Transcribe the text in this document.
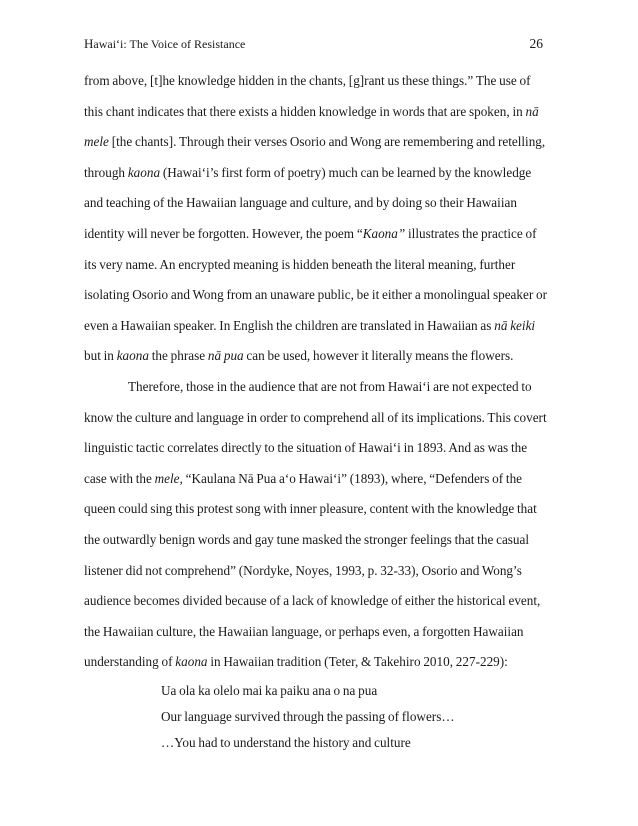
Hawai‘i: The Voice of Resistance	26
from above, [t]he knowledge hidden in the chants, [g]rant us these things.” The use of
this chant indicates that there exists a hidden knowledge in words that are spoken, in nā
mele [the chants]. Through their verses Osorio and Wong are remembering and retelling,
through kaona (Hawai‘i’s first form of poetry) much can be learned by the knowledge
and teaching of the Hawaiian language and culture, and by doing so their Hawaiian
identity will never be forgotten. However, the poem “Kaona” illustrates the practice of
its very name. An encrypted meaning is hidden beneath the literal meaning, further
isolating Osorio and Wong from an unaware public, be it either a monolingual speaker or
even a Hawaiian speaker. In English the children are translated in Hawaiian as nā keiki
but in kaona the phrase nā pua can be used, however it literally means the flowers.
Therefore, those in the audience that are not from Hawai‘i are not expected to
know the culture and language in order to comprehend all of its implications. This covert
linguistic tactic correlates directly to the situation of Hawai‘i in 1893. And as was the
case with the mele, “Kaulana Nā Pua a‘o Hawai‘i” (1893), where, “Defenders of the
queen could sing this protest song with inner pleasure, content with the knowledge that
the outwardly benign words and gay tune masked the stronger feelings that the casual
listener did not comprehend” (Nordyke, Noyes, 1993, p. 32-33), Osorio and Wong’s
audience becomes divided because of a lack of knowledge of either the historical event,
the Hawaiian culture, the Hawaiian language, or perhaps even, a forgotten Hawaiian
understanding of kaona in Hawaiian tradition (Teter, & Takehiro 2010, 227-229):
Ua ola ka olelo mai ka paiku ana o na pua
Our language survived through the passing of flowers…
…You had to understand the history and culture
